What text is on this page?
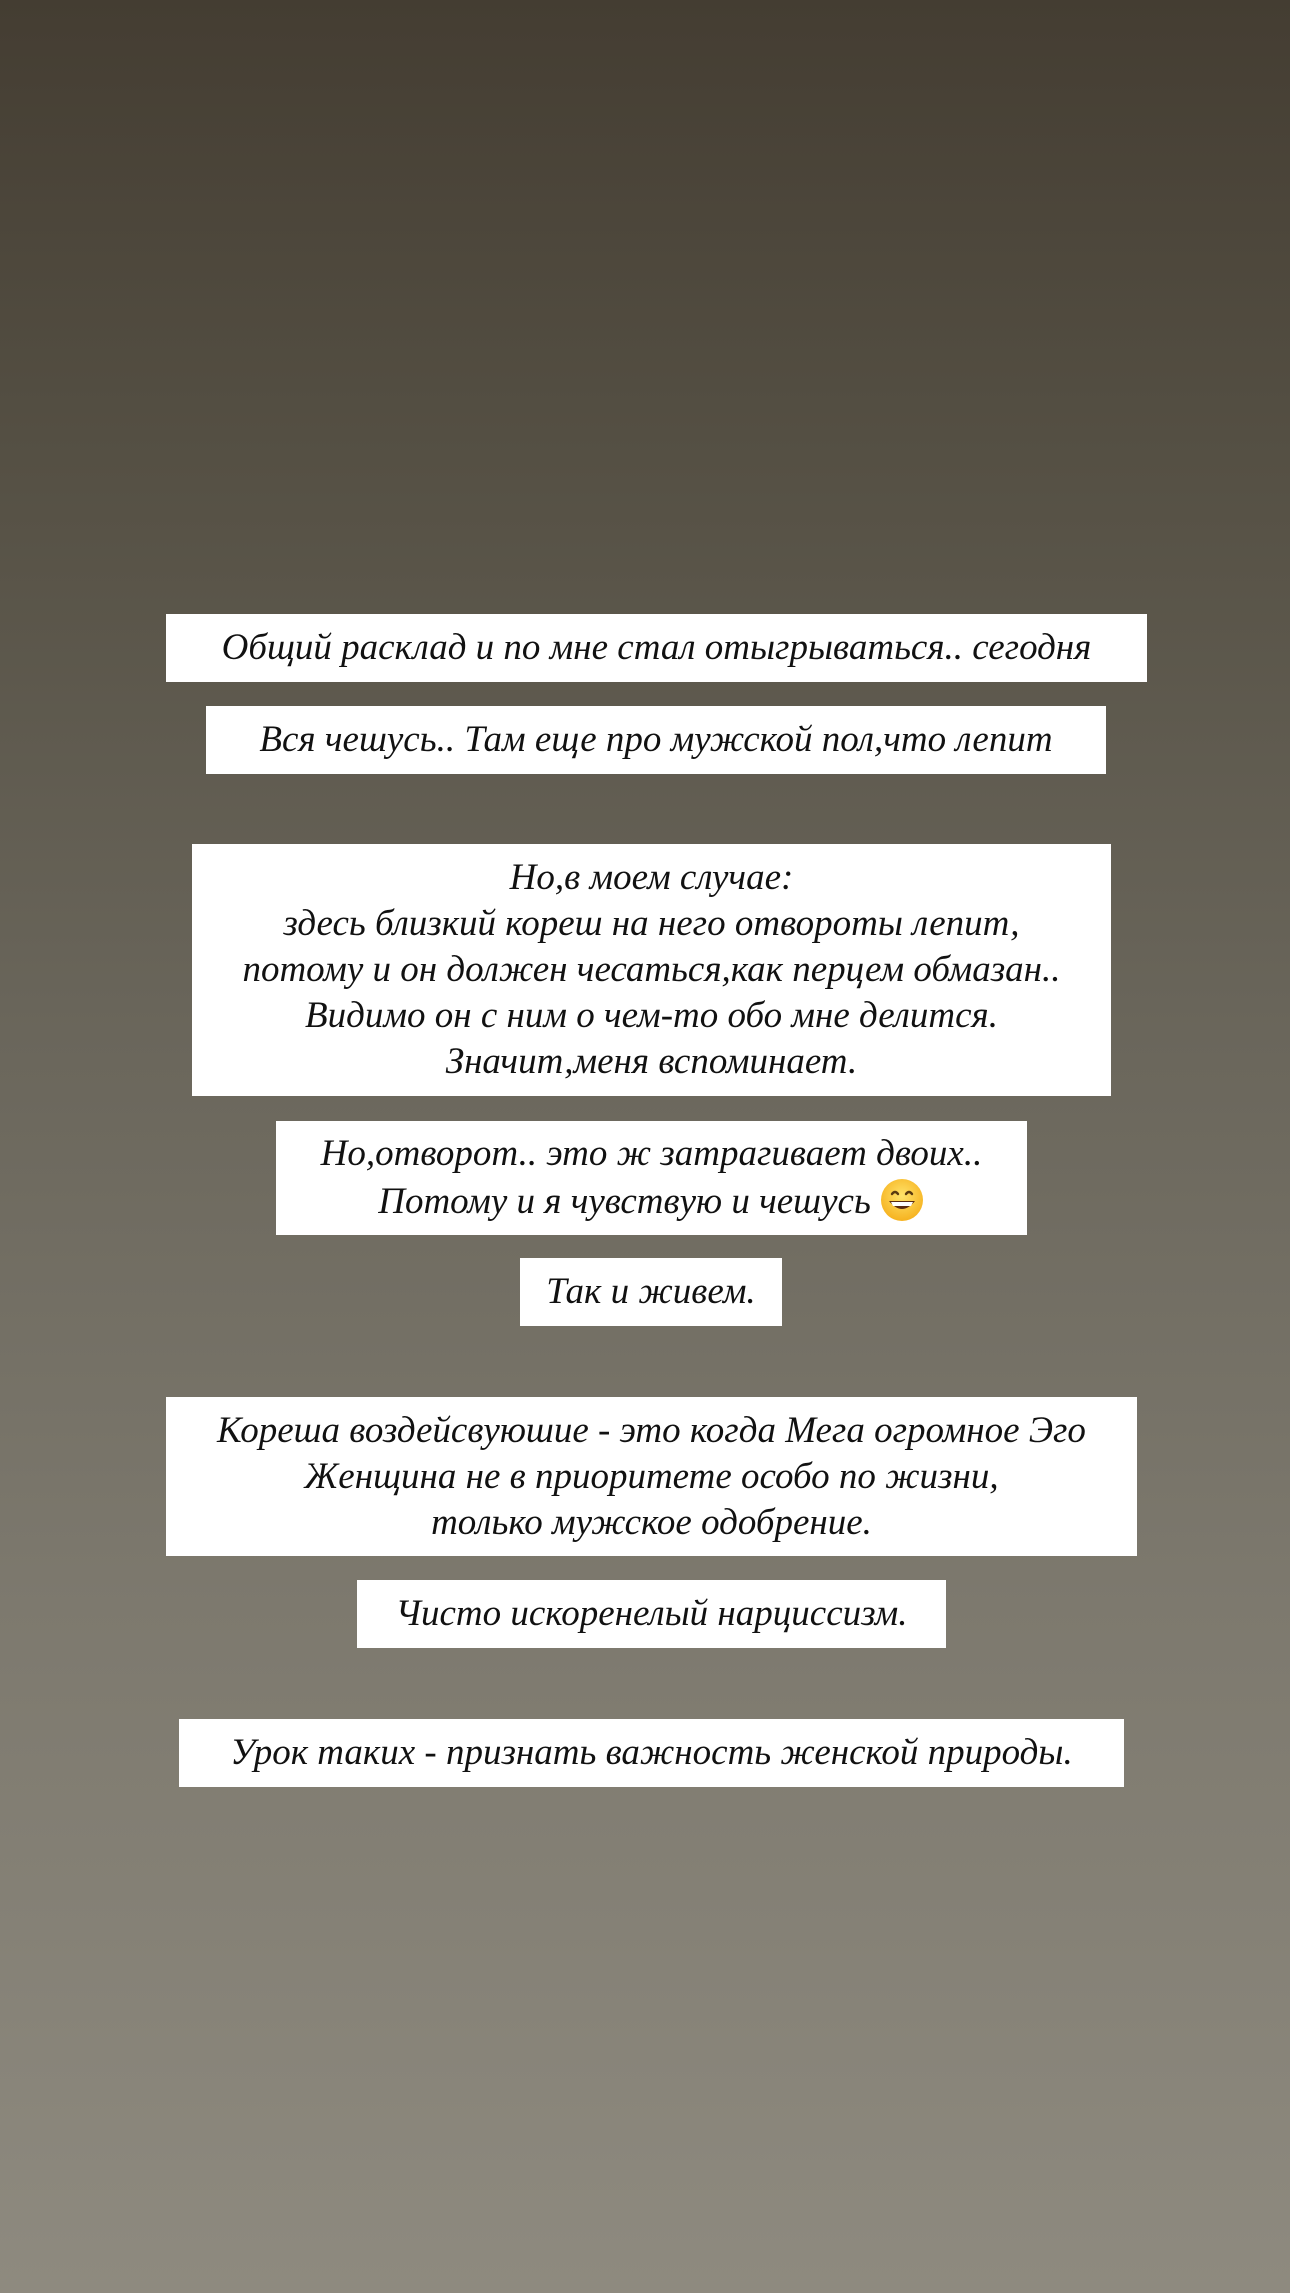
Общий расклад и по мне стал отыгрываться.. сегодня
Вся чешусь.. Там еще про мужской пол,что лепит
Но,в моем случае:
здесь близкий кореш на него отвороты лепит,
потому и он должен чесаться,как перцем обмазан..
Видимо он с ним о чем-то обо мне делится.
Значит,меня вспоминает.
Но,отворот.. это ж затрагивает двоих..
Потому и я чувствую и чешусь
Так и живем.
Кореша воздейсвуюшие - это когда Мега огромное Эго
Женщина не в приоритете особо по жизни,
только мужское одобрение.
Чисто искоренелый нарциссизм.
Урок таких - признать важность женской природы.
